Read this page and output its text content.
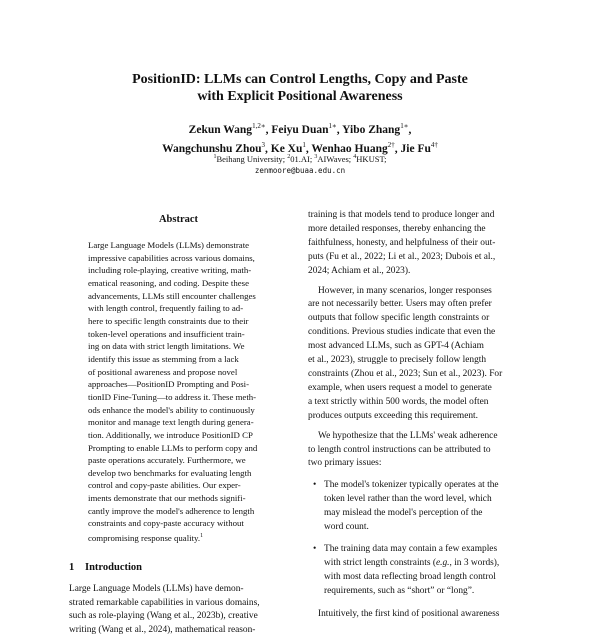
PositionID: LLMs can Control Lengths, Copy and Paste
with Explicit Positional Awareness
Zekun Wang$^{1,2∗}$, Feiyu Duan$^{1∗}$, Yibo Zhang$^{1∗}$,
Wangchunshu Zhou$^3$, Ke Xu$^1$, Wenhao Huang$^{2\dagger}$, Jie $Fu^{4\dagger}$
$^1$Beihang University; $^2$01.AI; $^3$AIWaves; $^4$HKUST;
zenmoore@buaa.edu.cn
Abstract
Large Language Models (LLMs) demonstrate
impressive capabilities across various domains,
including role-playing, creative writing, math-
ematical reasoning, and coding. Despite these
advancements, LLMs still encounter challenges
with length control, frequently failing to ad-
here to specific length constraints due to their
token-level operations and insufficient train-
ing on data with strict length limitations. We
identify this issue as stemming from a lack
of positional awareness and propose novel
approaches—PositionID Prompting and Posi-
tionID Fine-Tuning—to address it. These meth-
ods enhance the model's ability to continuously
monitor and manage text length during genera-
tion. Additionally, we introduce PositionID CP
Prompting to enable LLMs to perform copy and
paste operations accurately. Furthermore, we
develop two benchmarks for evaluating length
control and copy-paste abilities. Our exper-
iments demonstrate that our methods signifi-
cantly improve the model's adherence to length
constraints and copy-paste accuracy without
compromising response quality.$^1$
1 Introduction
Large Language Models (LLMs) have demon-
strated remarkable capabilities in various domains,
such as role-playing (Wang et al., 2023b), creative
writing (Wang et al., 2024), mathematical reason-
training is that models tend to produce longer and
more detailed responses, thereby enhancing the
faithfulness, honesty, and helpfulness of their out-
puts (Fu et al., 2022; Li et al., 2023; Dubois et al.,
2024; Achiam et al., 2023).
However, in many scenarios, longer responses
are not necessarily better. Users may often prefer
outputs that follow specific length constraints or
conditions. Previous studies indicate that even the
most advanced LLMs, such as GPT-4 (Achiam
et al., 2023), struggle to precisely follow length
constraints (Zhou et al., 2023; Sun et al., 2023). For
example, when users request a model to generate
a text strictly within 500 words, the model often
produces outputs exceeding this requirement.
We hypothesize that the LLMs' weak adherence
to length control instructions can be attributed to
two primary issues:
• The model's tokenizer typically operates at the
token level rather than the word level, which
may mislead the model's perception of the
word count.
• The training data may contain a few examples
with strict length constraints (e.g., in 3 words),
with most data reflecting broad length control
requirements, such as “short” or “long”.
Intuitively, the first kind of positional awareness
